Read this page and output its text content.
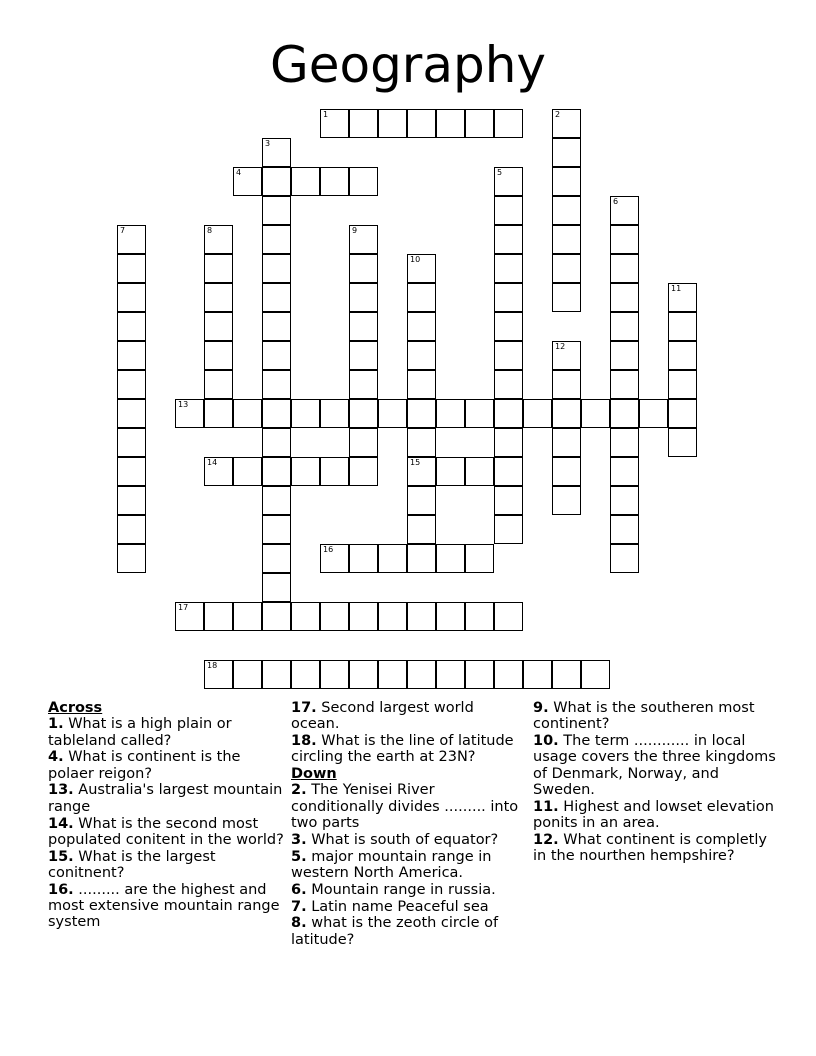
Geography
1	2
3
4	5
6
7	8	9
10
15
11
12
13
14
16
17
18
Across
1. What is a high plain or tableland called?
4. What is continent is the polaer reigon?
13. Australia's largest mountain range
14. What is the second most populated conitent in the world?
15. What is the largest conitnent?
16. ......... are the highest and most extensive mountain range system
17. Second largest world ocean.
18. What is the line of latitude circling the earth at 23N?
Down
2. The Yenisei River conditionally divides ......... into two parts
3. What is south of equator?
5. major mountain range in western North America.
6. Mountain range in russia.
7. Latin name Peaceful sea
8. what is the zeoth circle of latitude?
9. What is the southeren most continent?
10. The term ............ in local usage covers the three kingdoms of Denmark, Norway, and Sweden.
11. Highest and lowset elevation ponits in an area.
12. What continent is completly in the nourthen hempshire?
